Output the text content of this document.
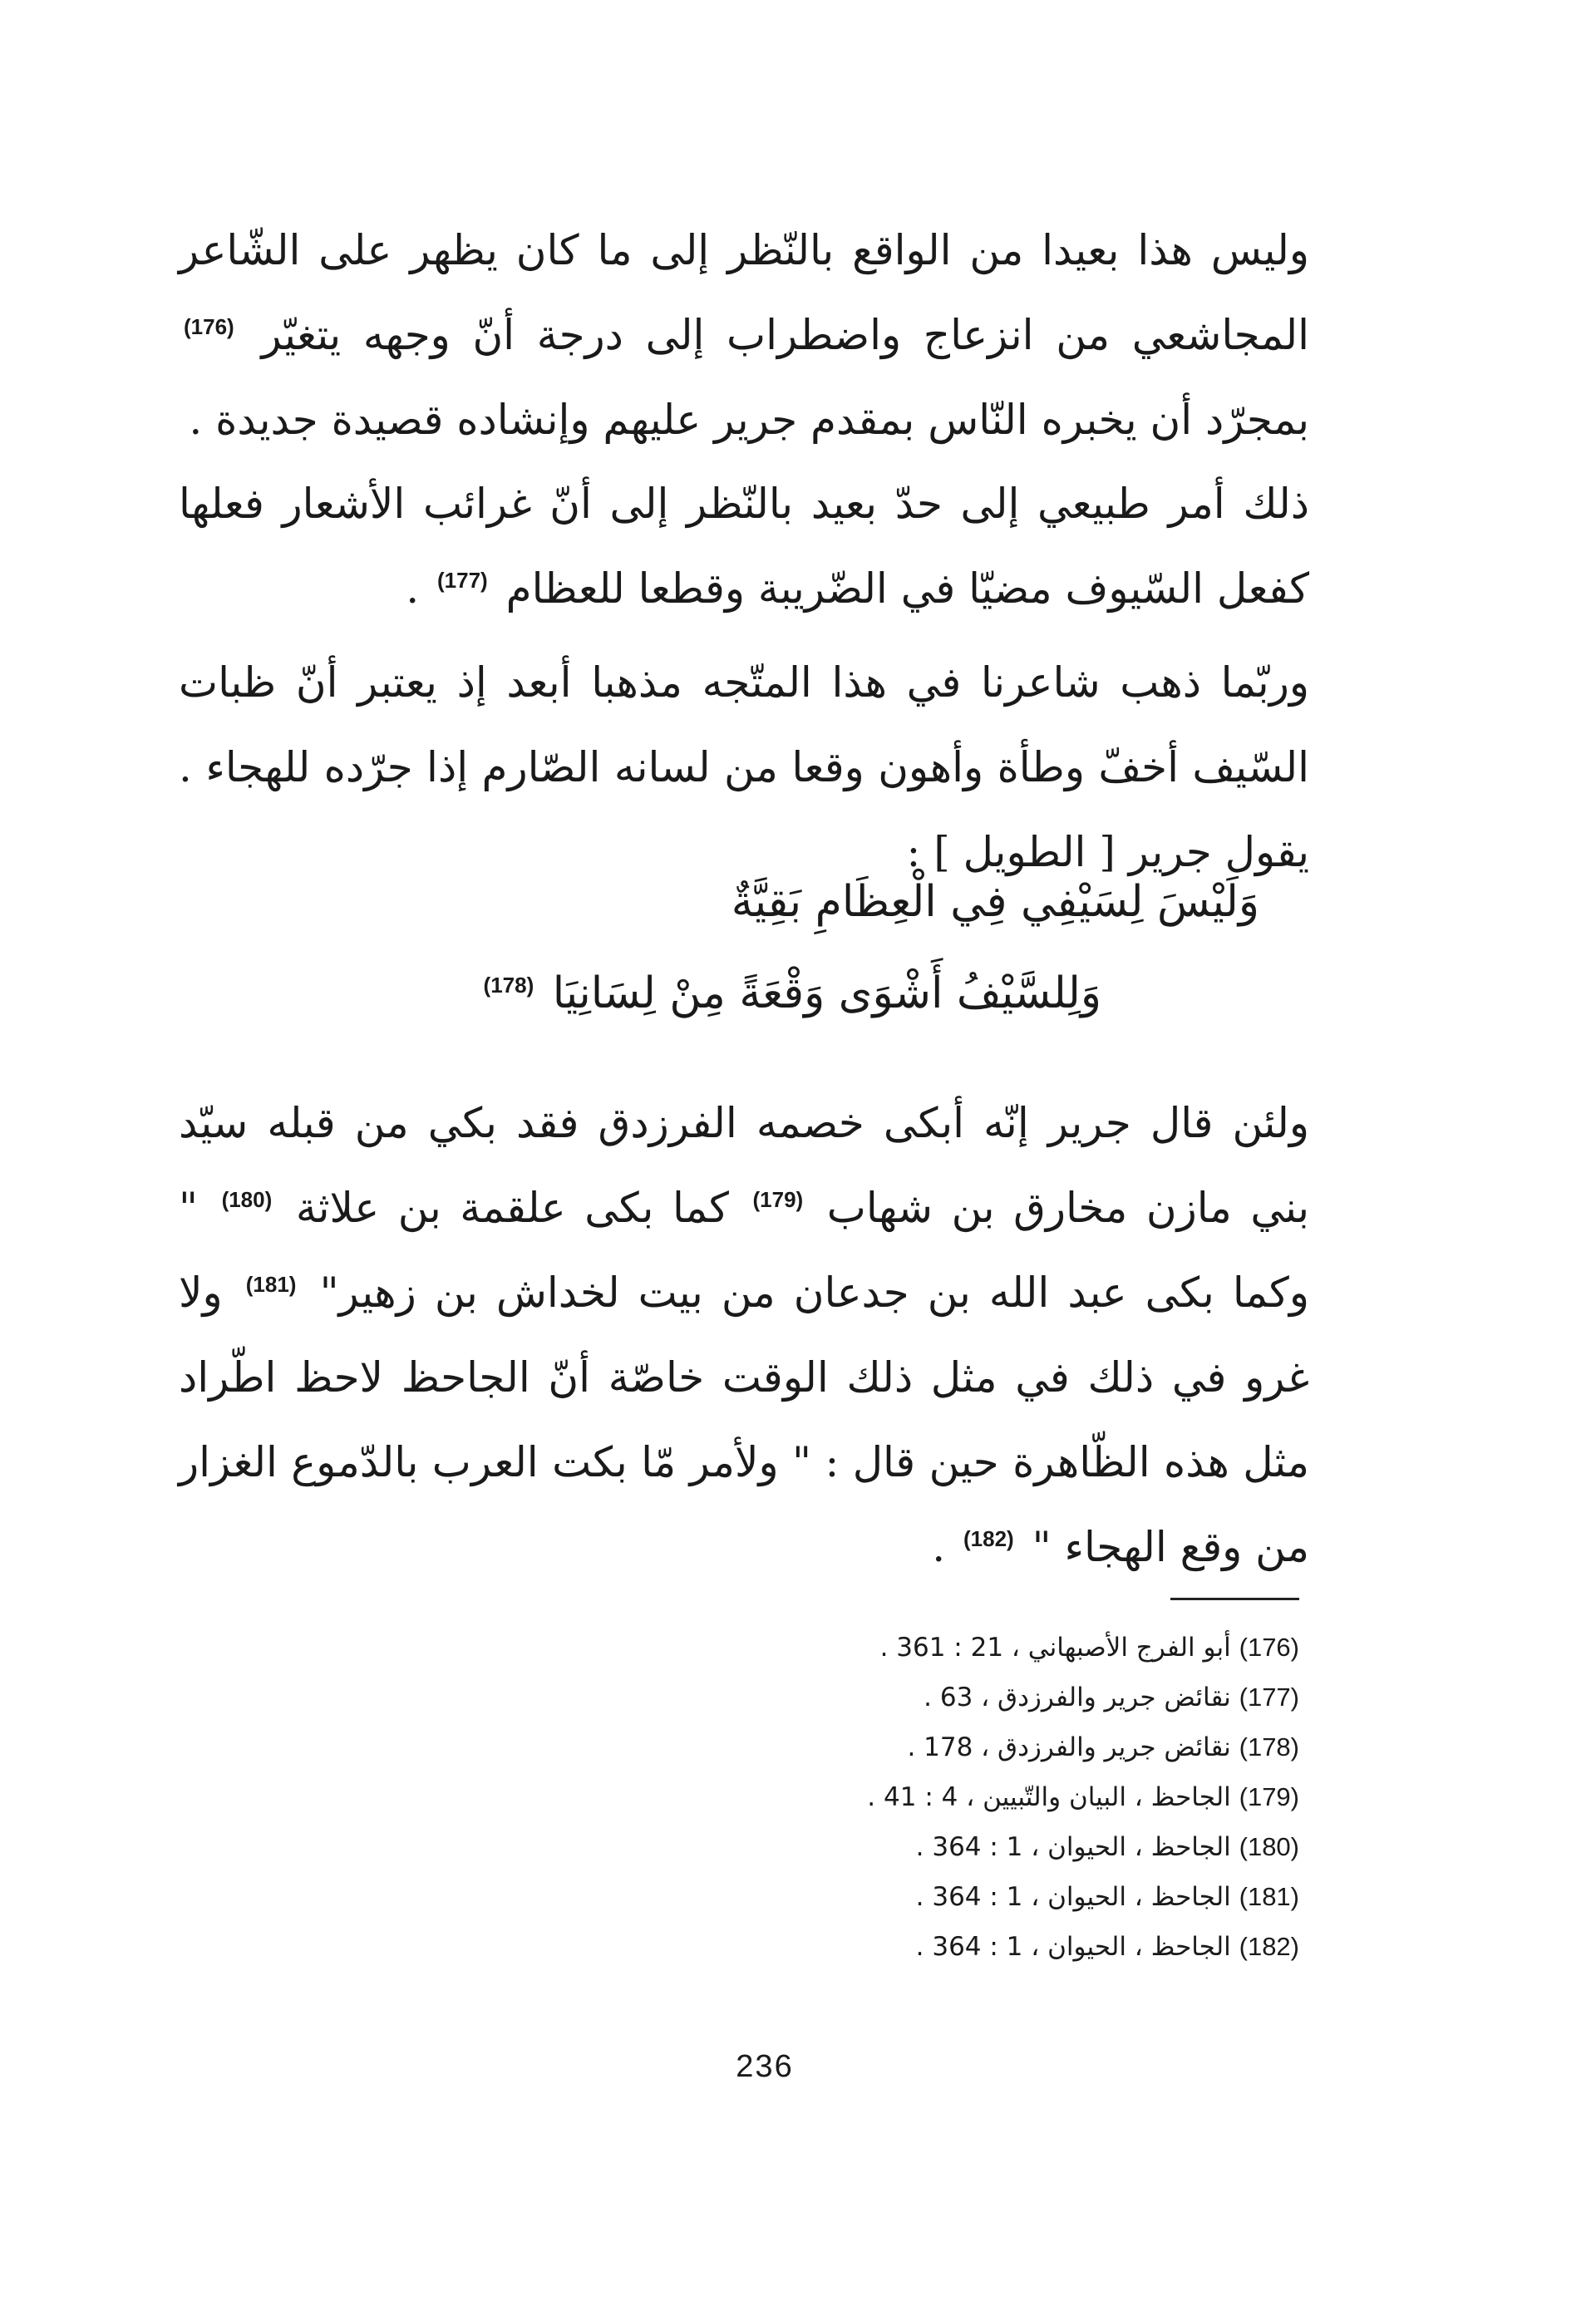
وليس هذا بعيدا من الواقع بالنّظر إلى ما كان يظهر على الشّاعر المجاشعي من انزعاج واضطراب إلى درجة أنّ وجهه يتغيّر (176) بمجرّد أن يخبره النّاس بمقدم جرير عليهم وإنشاده قصيدة جديدة .

ذلك أمر طبيعي إلى حدّ بعيد بالنّظر إلى أنّ غرائب الأشعار فعلها كفعل السّيوف مضيّا في الضّريبة وقطعا للعظام (177) .

وربّما ذهب شاعرنا في هذا المتّجه مذهبا أبعد إذ يعتبر أنّ ظبات السّيف أخفّ وطأة وأهون وقعا من لسانه الصّارم إذا جرّده للهجاء . يقول جرير [ الطويل ] :

وَلَيْسَ لِسَيْفِي فِي الْعِظَامِ بَقِيَّةٌ

وَلِلسَّيْفُ أَشْوَى وَقْعَةً مِنْ لِسَانِيَا (178)

ولئن قال جرير إنّه أبكى خصمه الفرزدق فقد بكي من قبله سيّد بني مازن مخارق بن شهاب (179) كما بكى علقمة بن علاثة (180) " وكما بكى عبد الله بن جدعان من بيت لخداش بن زهير" (181) ولا غرو في ذلك في مثل ذلك الوقت خاصّة أنّ الجاحظ لاحظ اطّراد مثل هذه الظّاهرة حين قال : " ولأمر مّا بكت العرب بالدّموع الغزار من وقع الهجاء " (182) .

(176) أبو الفرج الأصبهاني ، 21 : 361 .
(177) نقائض جرير والفرزدق ، 63 .
(178) نقائض جرير والفرزدق ، 178 .
(179) الجاحظ ، البيان والتّبيين ، 4 : 41 .
(180) الجاحظ ، الحيوان ، 1 : 364 .
(181) الجاحظ ، الحيوان ، 1 : 364 .
(182) الجاحظ ، الحيوان ، 1 : 364 .
236
